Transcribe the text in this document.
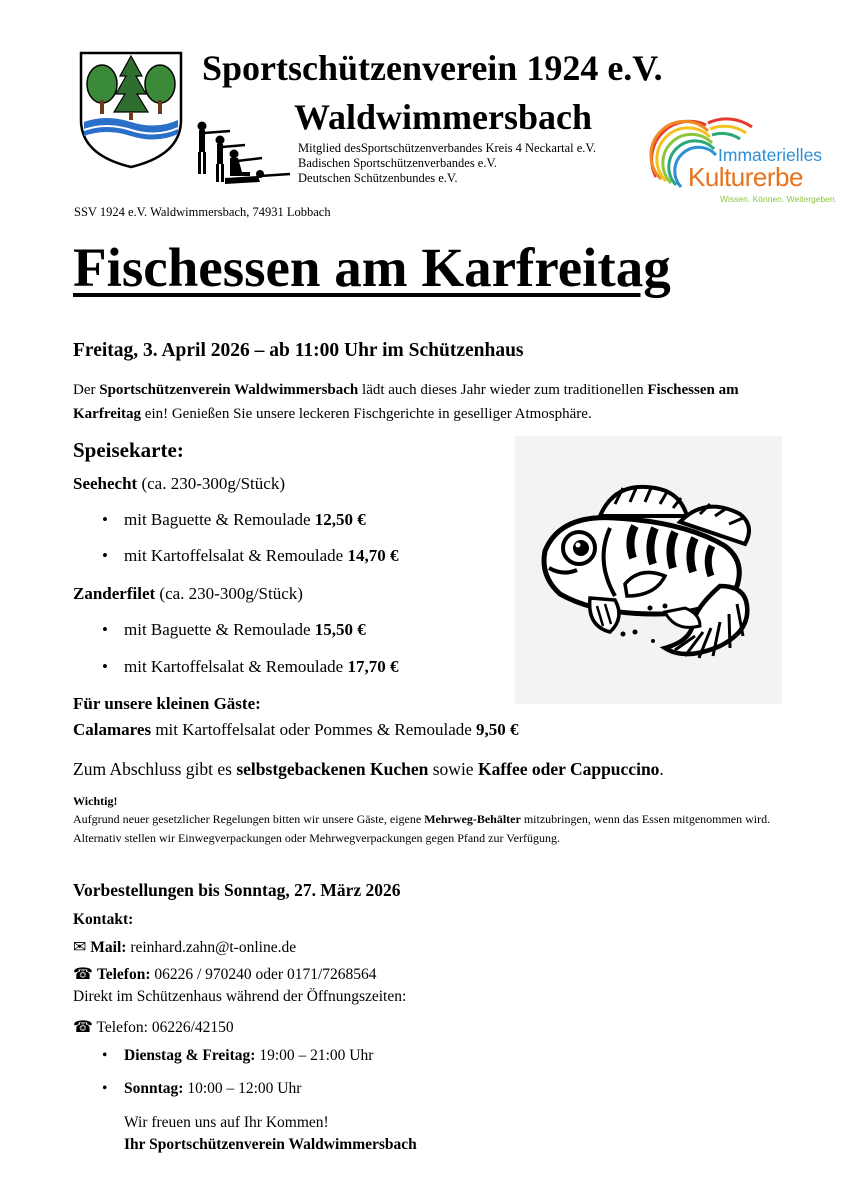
Sportschützenverein 1924 e.V.
Waldwimmersbach
Mitglied desSportschützenverbandes Kreis 4 Neckartal e.V.
Badischen Sportschützenverbandes e.V.
Deutschen Schützenbundes e.V.
Immaterielles
Kulturerbe
Wissen. Können. Weitergeben.
SSV 1924 e.V. Waldwimmersbach, 74931 Lobbach
Fischessen am Karfreitag
Freitag, 3. April 2026 – ab 11:00 Uhr im Schützenhaus
Der Sportschützenverein Waldwimmersbach lädt auch dieses Jahr wieder zum traditionellen Fischessen am Karfreitag ein! Genießen Sie unsere leckeren Fischgerichte in geselliger Atmosphäre.
Speisekarte:
Seehecht (ca. 230-300g/Stück)
• mit Baguette & Remoulade 12,50 €
• mit Kartoffelsalat & Remoulade 14,70 €
Zanderfilet (ca. 230-300g/Stück)
• mit Baguette & Remoulade 15,50 €
• mit Kartoffelsalat & Remoulade 17,70 €
Für unsere kleinen Gäste:
Calamares mit Kartoffelsalat oder Pommes & Remoulade 9,50 €
Zum Abschluss gibt es selbstgebackenen Kuchen sowie Kaffee oder Cappuccino.
Wichtig!
Aufgrund neuer gesetzlicher Regelungen bitten wir unsere Gäste, eigene Mehrweg-Behälter mitzubringen, wenn das Essen mitgenommen wird. Alternativ stellen wir Einwegverpackungen oder Mehrwegverpackungen gegen Pfand zur Verfügung.
Vorbestellungen bis Sonntag, 27. März 2026
Kontakt:
✉ Mail: reinhard.zahn@t-online.de
☎ Telefon: 06226 / 970240 oder 0171/7268564
Direkt im Schützenhaus während der Öffnungszeiten:
☎ Telefon: 06226/42150
• Dienstag & Freitag: 19:00 – 21:00 Uhr
• Sonntag: 10:00 – 12:00 Uhr
Wir freuen uns auf Ihr Kommen!
Ihr Sportschützenverein Waldwimmersbach
